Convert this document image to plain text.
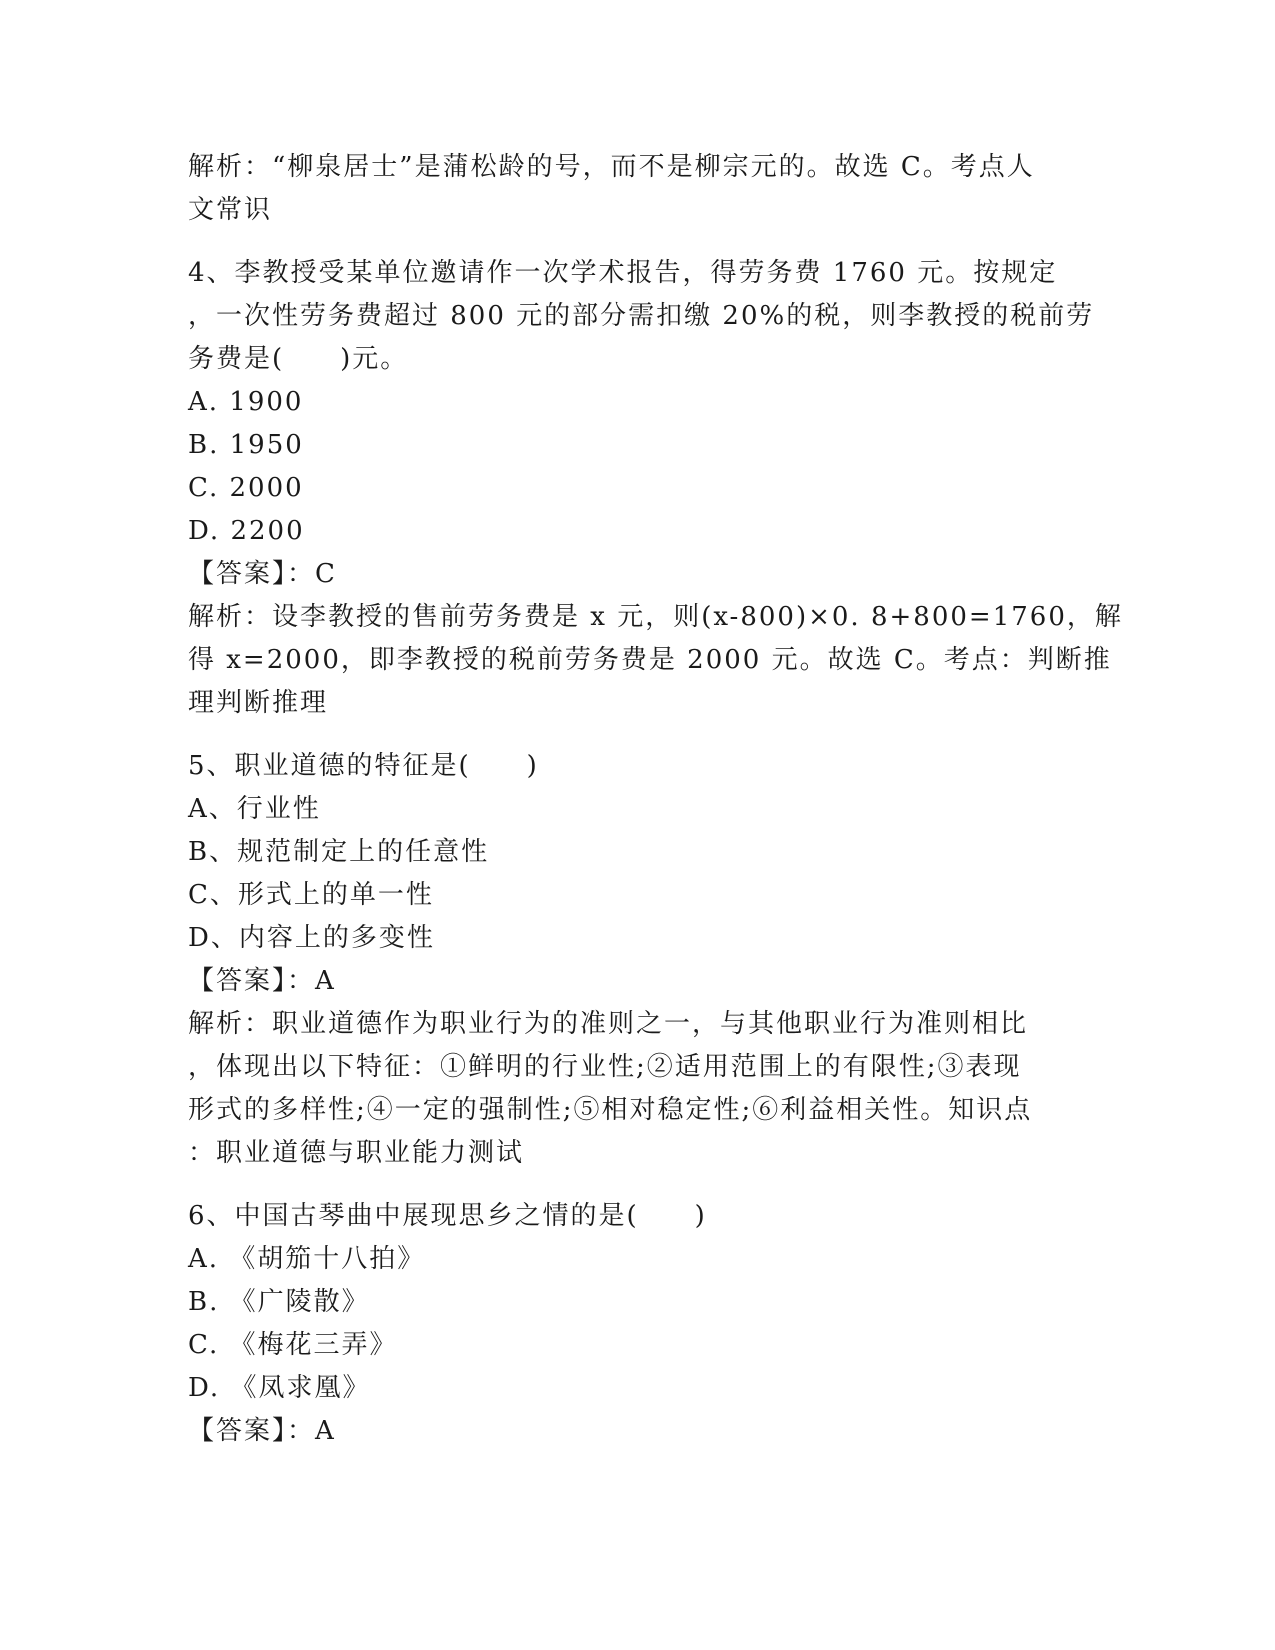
解析：“柳泉居士”是蒲松龄的号，而不是柳宗元的。故选 C。考点人
文常识
4、李教授受某单位邀请作一次学术报告，得劳务费 1760 元。按规定
，一次性劳务费超过 800 元的部分需扣缴 20%的税，则李教授的税前劳
务费是(　　)元。
A. 1900
B. 1950
C. 2000
D. 2200
【答案】：C
解析：设李教授的售前劳务费是 x 元，则(x-800)×0. 8+800=1760，解
得 x=2000，即李教授的税前劳务费是 2000 元。故选 C。考点：判断推
理判断推理
5、职业道德的特征是(　　)
A、行业性
B、规范制定上的任意性
C、形式上的单一性
D、内容上的多变性
【答案】：A
解析：职业道德作为职业行为的准则之一，与其他职业行为准则相比
，体现出以下特征：①鲜明的行业性;②适用范围上的有限性;③表现
形式的多样性;④一定的强制性;⑤相对稳定性;⑥利益相关性。知识点
：职业道德与职业能力测试
6、中国古琴曲中展现思乡之情的是(　　)
A. 《胡笳十八拍》
B. 《广陵散》
C. 《梅花三弄》
D. 《凤求凰》
【答案】：A
